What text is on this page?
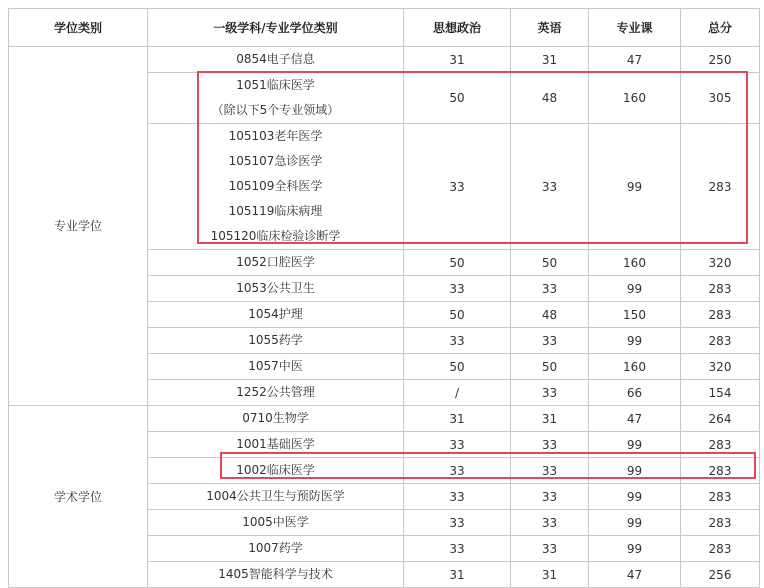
学位类别	一级学科/专业学位类别	思想政治	英语	专业课	总分
专业学位	0854电子信息	31	31	47	250

	1051临床医学
（除以下5个专业领域）	50	48	160	305

	105103老年医学
105107急诊医学
105109全科医学
105119临床病理
105120临床检验诊断学	33	33	99	283

	1052口腔医学	50	50	160	320

	1053公共卫生	33	33	99	283

	1054护理	50	48	150	283

	1055药学	33	33	99	283

	1057中医	50	50	160	320

	1252公共管理	/	33	66	154
学术学位	0710生物学	31	31	47	264

	1001基础医学	33	33	99	283

	1002临床医学	33	33	99	283

	1004公共卫生与预防医学	33	33	99	283

	1005中医学	33	33	99	283

	1007药学	33	33	99	283

	1405智能科学与技术	31	31	47	256
